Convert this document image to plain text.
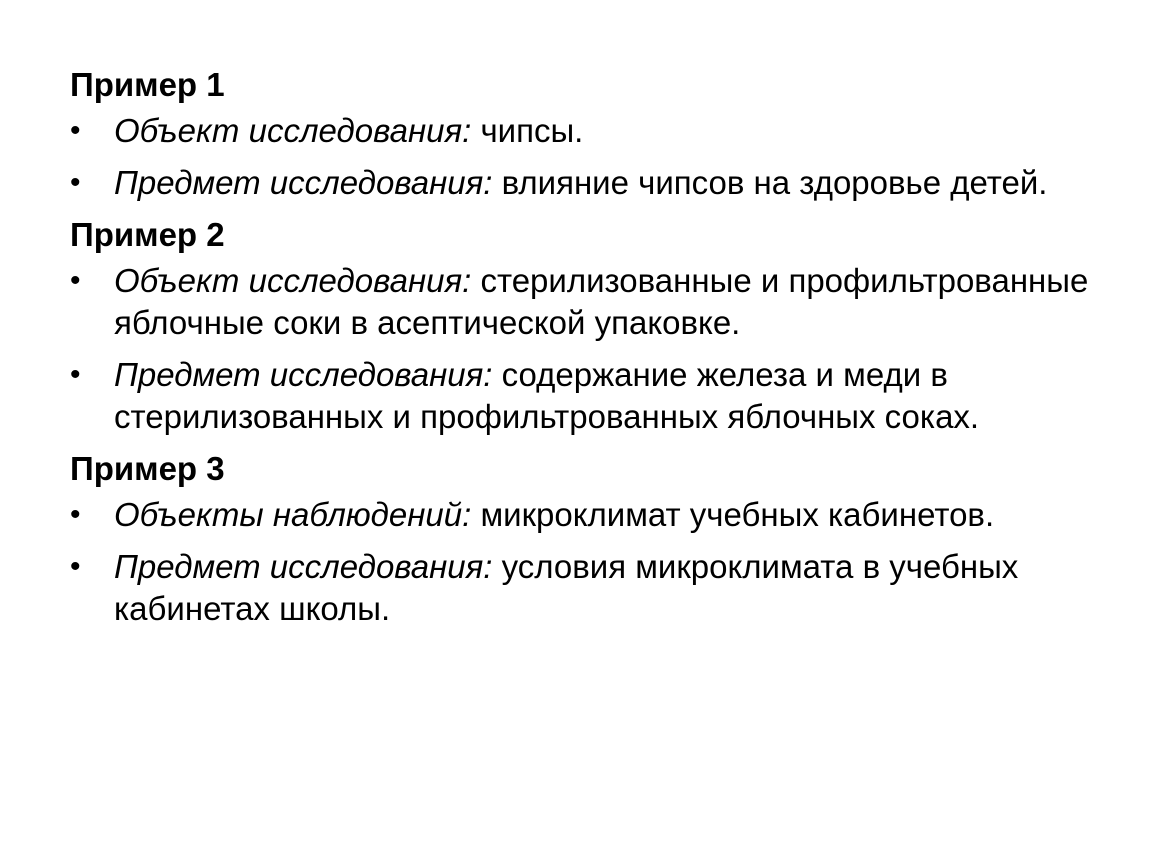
Пример 1
•	Объект исследования: чипсы.
•	Предмет исследования: влияние чипсов на здоровье детей.
Пример 2
•	Объект исследования: стерилизованные и профильтрованные яблочные соки в асептической упаковке.
•	Предмет исследования: содержание железа и меди в стерилизованных и профильтрованных яблочных соках.
Пример 3
•	Объекты наблюдений: микроклимат учебных кабинетов.
•	Предмет исследования: условия микроклимата в учебных кабинетах школы.
